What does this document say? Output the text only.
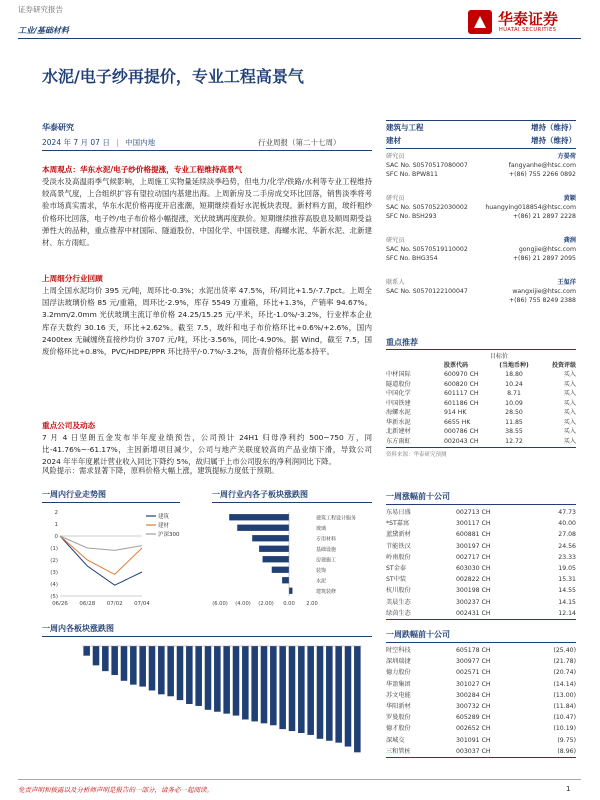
证券研究报告
工业/基础材料
华泰证券
HUATAI SECURITIES
水泥/电子纱再提价，专业工程高景气
华泰研究
2024 年 7 月 07 日 | 中国内地	行业周报（第二十七周）
建筑与工程	增持（维持）
建材	增持（维持）
研究员	方晏荷
SAC No. S0570517080007	fangyanhe@htsc.com
SFC No. BPW811	+(86) 755 2266 0892
研究员	黄颖
SAC No. S0570522030002	huangying018854@htsc.com
SFC No. BSH293	+(86) 21 2897 2228
研究员	龚润
SAC No. S0570519110002	gongjie@htsc.com
SFC No. BHG354	+(86) 21 2897 2095
联系人	王玺洋
SAC No. S0570122100047	wangxijie@htsc.com
+(86) 755 8249 2388
重点推荐
目标价
股票代码	(当地币种)	投资评级
中材国际	600970 CH	18.80	买入
隧道股份	600820 CH	10.24	买入
中国化学	601117 CH	8.71	买入
中国铁建	601186 CH	10.09	买入
海螺水泥	914 HK	28.50	买入
华新水泥	6655 HK	11.85	买入
北新建材	000786 CH	38.55	买入
东方雨虹	002043 CH	12.72	买入
资料来源：华泰研究预测
本周观点：华东水泥/电子纱价格提涨，专业工程维持高景气
受淡水及高温雨季气候影响，上周施工实物量延续淡季趋势，但电力/化学/铁路/水利等专业工程维持较高景气度，上合组织扩容有望拉动国内基建出海。上周新房及二手房成交环比回落，销售淡季将考验市场真实需求，华东水泥价格再度开启涨潮，短期继续看好水泥板块表现。新材料方面，玻纤粗纱价格环比回落，电子纱/电子布价格小幅提涨，光伏玻璃再度跌价。短期继续推荐高股息及顺周期受益弹性大的品种，重点推荐中材国际、隧道股份、中国化学、中国铁建、海螺水泥、华新水泥、北新建材、东方雨虹。
上周细分行业回顾
上周全国水泥均价 395 元/吨，周环比-0.3%；水泥出货率 47.5%，环/同比+1.5/-7.7pct。上周全国浮法玻璃价格 85 元/重箱，周环比-2.9%，库存 5549 万重箱，环比+1.3%，产销率 94.67%。3.2mm/2.0mm 光伏玻璃主流订单价格 24.25/15.25 元/平米，环比-1.0%/-3.2%，行业样本企业库存天数约 30.16 天，环比+2.62%。截至 7.5，玻纤和电子布价格环比+0.6%/+2.6%，国内 2400tex 无碱缠绕直接纱均价 3707 元/吨，环比-3.56%，同比-4.90%。据 Wind，截至 7.5，国废价格环比+0.8%，PVC/HDPE/PPR 环比持平/-0.7%/-3.2%，沥青价格环比基本持平。
重点公司及动态
7 月 4 日坚朗五金发布半年度业绩预告，公司预计 24H1 归母净利约 500~750 万，同比-41.76%~-61.17%，主因新增项目减少，公司与地产关联度较高的产品业绩下滑，导致公司 2024 年半年度累计营业收入同比下降约 5%，故归属于上市公司股东的净利润同比下降。
风险提示：需求显著下降，原料价格大幅上涨，建筑提标力度低于预期。
一周内行业走势图
2
1
0
(1)
(2)
(3)
(4)
(5)
建筑
建材
沪深300
06/26 06/28 07/02 07/04
一周行业内各子板块涨跌图
建筑工程设计服务
玻璃
专用材料
基础设施
房建施工
装饰
水泥
建筑装修
(6.00) (4.00) (2.00) 0.00 2.00
一周内各板块涨跌图
一周涨幅前十公司
东易日盛	002713 CH	47.73
*ST嘉寓	300117 CH	40.00
蓝黛新材	600881 CH	27.08
节能铁汉	300197 CH	24.56
岭南股份	002717 CH	23.33
ST金泰	603030 CH	19.05
ST中装	002822 CH	15.31
杭川股份	300198 CH	14.55
美晨生态	300237 CH	14.15
绿茵生态	002431 CH	12.14
一周跌幅前十公司
时空科技	605178 CH	(25.40)
深圳瑞捷	300977 CH	(21.78)
德力股份	002571 CH	(20.74)
华盈集团	301027 CH	(14.14)
苏文电能	300284 CH	(13.00)
华阳新材	300732 CH	(11.84)
罗曼股份	605289 CH	(10.47)
德才股份	002652 CH	(10.19)
深城交	301091 CH	(9.75)
三和管桩	003037 CH	(8.96)
免责声明和披露以及分析师声明是报告的一部分，请务必一起阅读。	1
